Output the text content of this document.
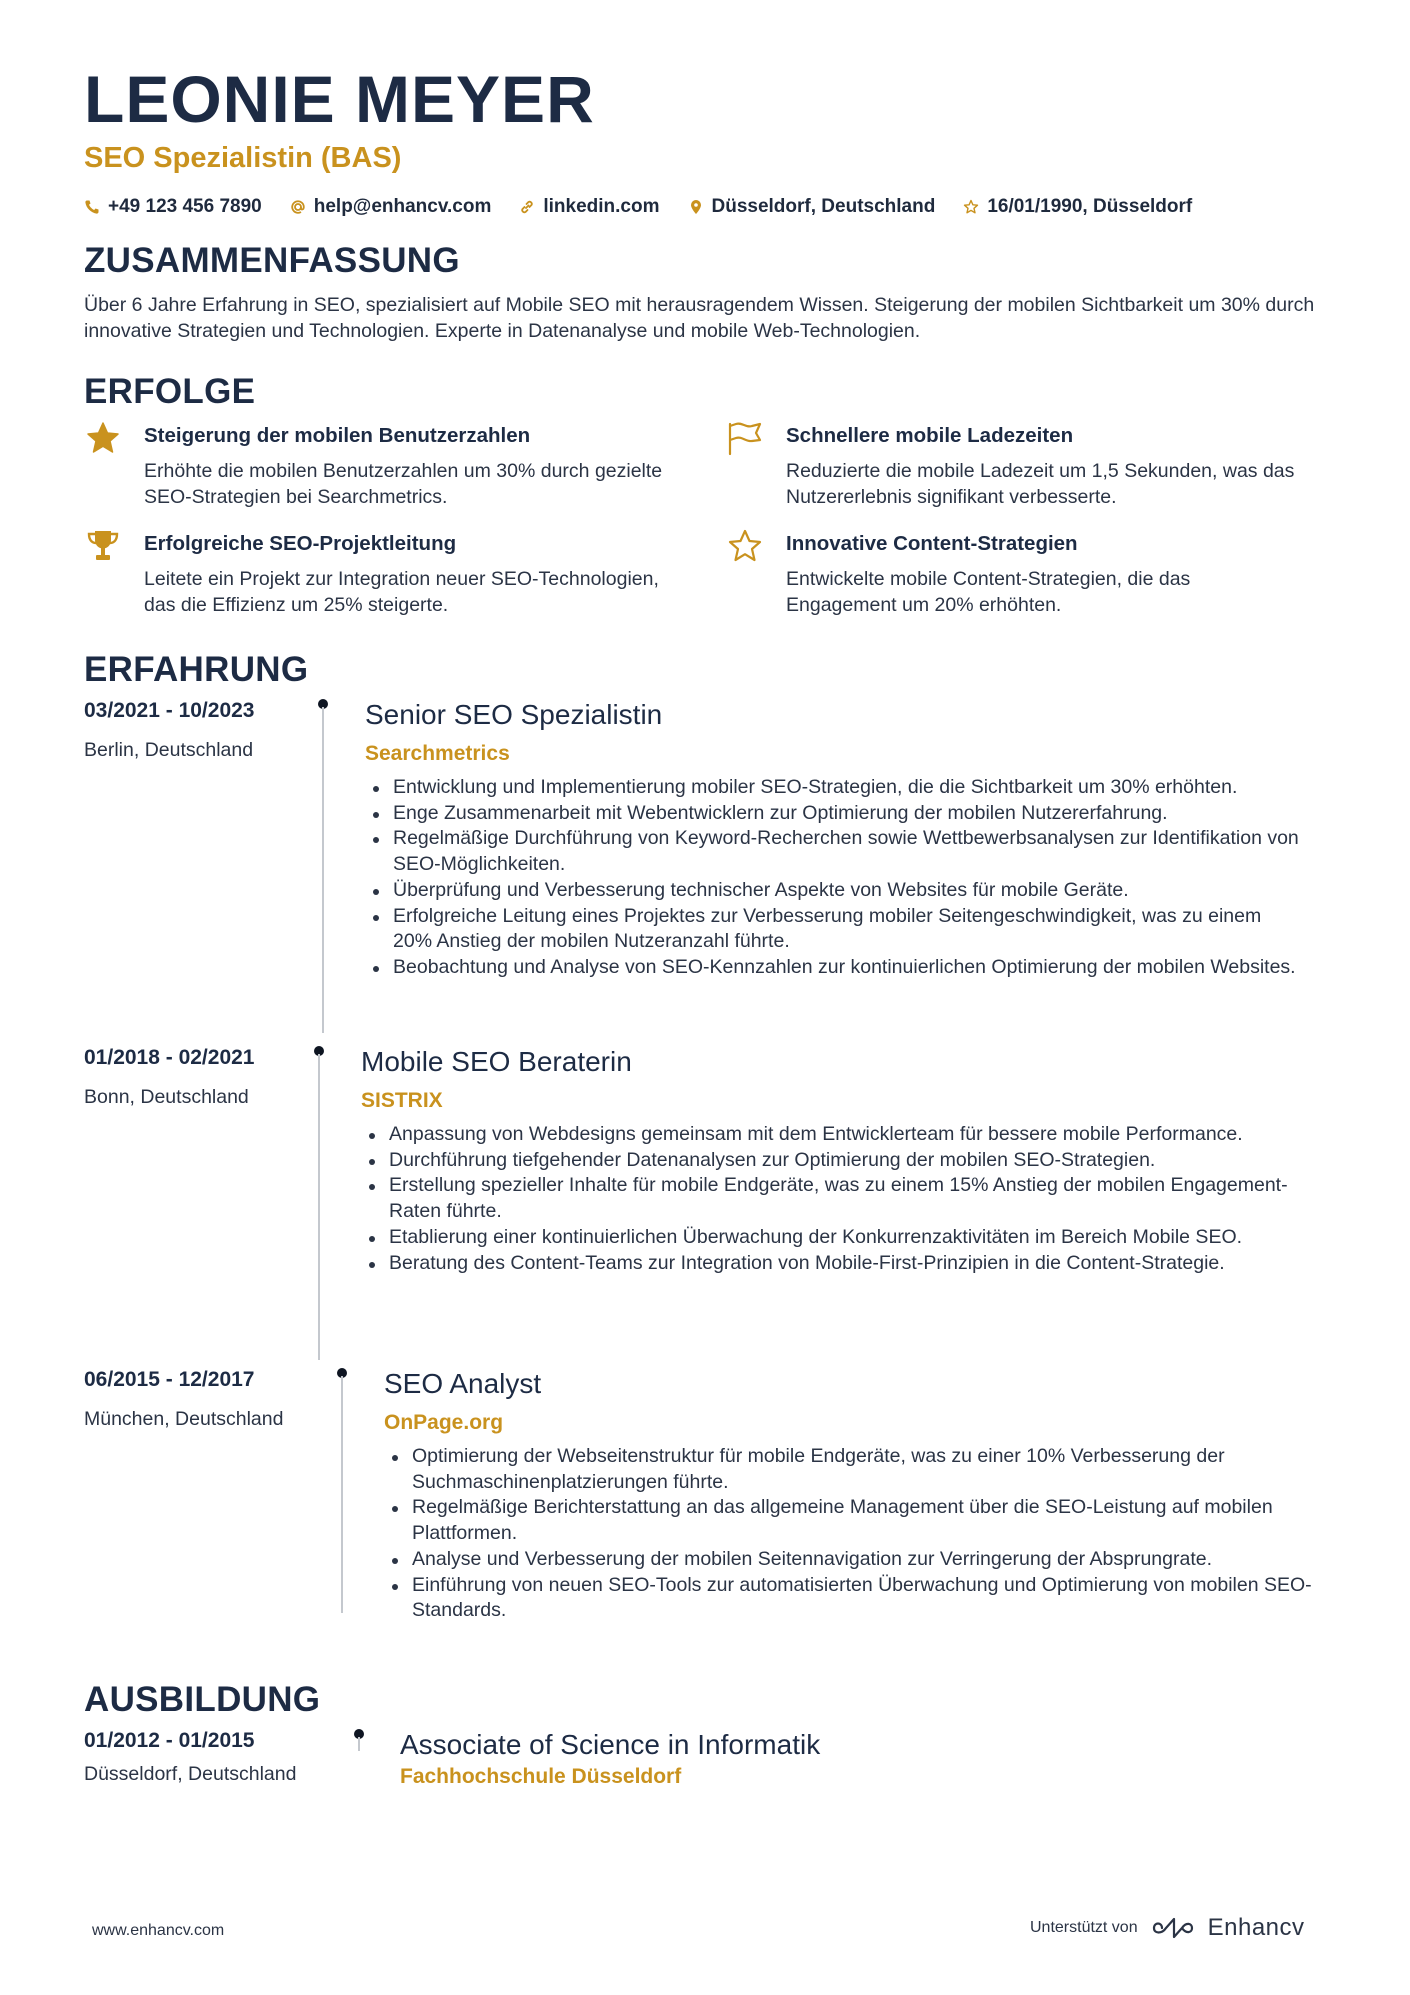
LEONIE MEYER
SEO Spezialistin (BAS)
+49 123 456 7890	help@enhancv.com	linkedin.com	Düsseldorf, Deutschland	16/01/1990, Düsseldorf
ZUSAMMENFASSUNG
Über 6 Jahre Erfahrung in SEO, spezialisiert auf Mobile SEO mit herausragendem Wissen. Steigerung der mobilen Sichtbarkeit um 30% durch innovative Strategien und Technologien. Experte in Datenanalyse und mobile Web-Technologien.
ERFOLGE
Steigerung der mobilen Benutzerzahlen
Erhöhte die mobilen Benutzerzahlen um 30% durch gezielte SEO-Strategien bei Searchmetrics.
Schnellere mobile Ladezeiten
Reduzierte die mobile Ladezeit um 1,5 Sekunden, was das Nutzererlebnis signifikant verbesserte.
Erfolgreiche SEO-Projektleitung
Leitete ein Projekt zur Integration neuer SEO-Technologien, das die Effizienz um 25% steigerte.
Innovative Content-Strategien
Entwickelte mobile Content-Strategien, die das Engagement um 20% erhöhten.
ERFAHRUNG
03/2021 - 10/2023
Berlin, Deutschland
Senior SEO Spezialistin
Searchmetrics
Entwicklung und Implementierung mobiler SEO-Strategien, die die Sichtbarkeit um 30% erhöhten.
Enge Zusammenarbeit mit Webentwicklern zur Optimierung der mobilen Nutzererfahrung.
Regelmäßige Durchführung von Keyword-Recherchen sowie Wettbewerbsanalysen zur Identifikation von SEO-Möglichkeiten.
Überprüfung und Verbesserung technischer Aspekte von Websites für mobile Geräte.
Erfolgreiche Leitung eines Projektes zur Verbesserung mobiler Seitengeschwindigkeit, was zu einem 20% Anstieg der mobilen Nutzeranzahl führte.
Beobachtung und Analyse von SEO-Kennzahlen zur kontinuierlichen Optimierung der mobilen Websites.
01/2018 - 02/2021
Bonn, Deutschland
Mobile SEO Beraterin
SISTRIX
Anpassung von Webdesigns gemeinsam mit dem Entwicklerteam für bessere mobile Performance.
Durchführung tiefgehender Datenanalysen zur Optimierung der mobilen SEO-Strategien.
Erstellung spezieller Inhalte für mobile Endgeräte, was zu einem 15% Anstieg der mobilen Engagement-Raten führte.
Etablierung einer kontinuierlichen Überwachung der Konkurrenzaktivitäten im Bereich Mobile SEO.
Beratung des Content-Teams zur Integration von Mobile-First-Prinzipien in die Content-Strategie.
06/2015 - 12/2017
München, Deutschland
SEO Analyst
OnPage.org
Optimierung der Webseitenstruktur für mobile Endgeräte, was zu einer 10% Verbesserung der Suchmaschinenplatzierungen führte.
Regelmäßige Berichterstattung an das allgemeine Management über die SEO-Leistung auf mobilen Plattformen.
Analyse und Verbesserung der mobilen Seitennavigation zur Verringerung der Absprungrate.
Einführung von neuen SEO-Tools zur automatisierten Überwachung und Optimierung von mobilen SEO-Standards.
AUSBILDUNG
01/2012 - 01/2015
Düsseldorf, Deutschland
Associate of Science in Informatik
Fachhochschule Düsseldorf
www.enhancv.com	Unterstützt von	Enhancv
